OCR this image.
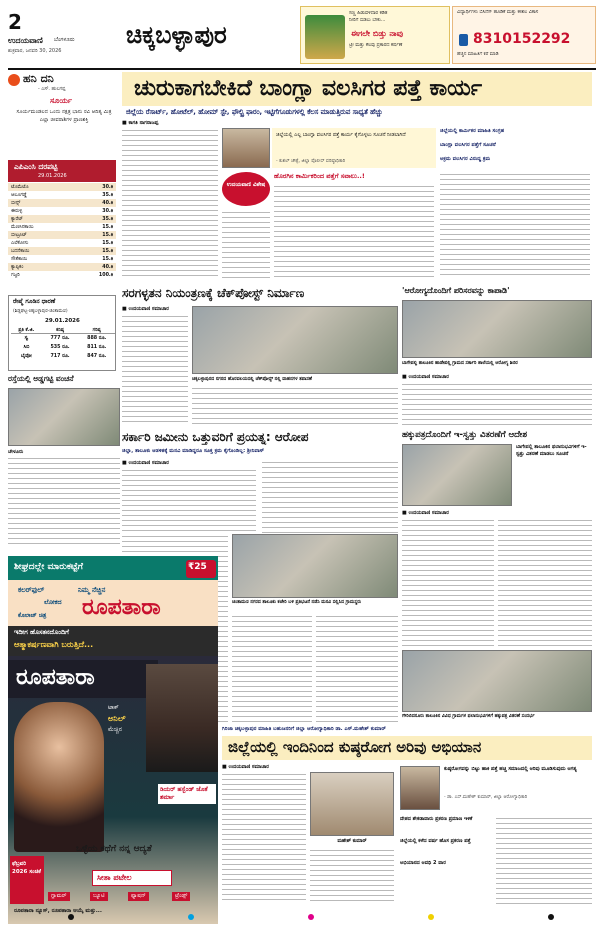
2
ಉದಯವಾಣಿ ಬೆಂಗಳೂರು
ಶುಕ್ರವಾರ, ಜನವರಿ 30, 2026
ಚಿಕ್ಕಬಳ್ಳಾಪುರ
ಸಣ್ಣ ಹಿಡುವಳಿದಾರ ಕಡಿತ
ನೀರಿಗೆ ಬಿಡಲು ಬೇಕು...
ಈಗಲೇ ಬಿಡ್ತು ನಾವು
ಟ್ರೀ ಮತ್ತು ಕೆಲವು ಪ್ರಕಾರದ ಕರ್ಷಣೆ
ವಿದ್ಯಾರ್ಥಿಗಳು ಬಿಸಿನೆಸ್ ಹೂಡಿಕೆ ಮತ್ತು ಕೌಶಲ ವಿಕಾಸ
8310152292
ಹೆಚ್ಚಿನ ಮಾಹಿತಿಗೆ ಕರೆ ಮಾಡಿ
ಹನಿ ದನಿ
- ಎಸ್. ಹುಲಗಪ್ಪ
ಸೂರ್ಯ
ಸೂರ್ಯಮಂಡಲದ ಒಂದು ನಕ್ಷತ್ರ ಭಾನು ರವಿ ಆದಿತ್ಯ ಮಿತ್ರ ಎಲ್ಲಾ ಜೀವರಾಶಿಗಳ ಪ್ರಾಣಶಕ್ತಿ
ಎಪಿಎಂಸಿ ದರಪಟ್ಟಿ
29.01.2026
ಟೊಮೆಟೊ	30.ಕಿ
ಆಲೂಗಡ್ಡೆ	35.ಕಿ
ಬೀನ್ಸ್	40.ಕಿ
ಈರುಳ್ಳಿ	30.ಕಿ
ಕ್ಯಾರೆಟ್	35.ಕಿ
ಮೆಣಸಿನಕಾಯಿ	15.ಕಿ
ಬೀಟ್ರೂಟ್	15.ಕಿ
ಎಲೆಕೋಸು	15.ಕಿ
ಬದನೆಕಾಯಿ	15.ಕಿ
ಸೌತೆಕಾಯಿ	15.ಕಿ
ಕ್ಯಾಪ್ಸಿಕಂ	40.ಕಿ
ಗಜ್ಜರಿ	100.ಕಿ
ರೇಷ್ಮೆ ಗೂಡಿನ ಧಾರಣೆ
(ಶಿಡ್ಲಘಟ್ಟ-ಚಿಕ್ಕಬಳ್ಳಾಪುರ-ಚಿಂತಾಮಣಿ)
29.01.2026
ಪ್ರತಿ ಕೆ.ಜಿ.	ಕನಿಷ್ಠ	ಗರಿಷ್ಠ
ಸ್ವ	777 ರೂ.	888 ರೂ.
ಸಿಬಿ	535 ರೂ.	811 ರೂ.
ಬೈವೋ	717 ರೂ.	847 ರೂ.
ರಸ್ತೆಯಲ್ಲಿ ಅಡ್ಡಗಟ್ಟಿ ವಂಚನೆ
ಚೇಳೂರು
ಚುರುಕಾಗಬೇಕಿದೆ ಬಾಂಗ್ಲಾ ವಲಸಿಗರ ಪತ್ತೆ ಕಾರ್ಯ
ಜಿಲ್ಲೆಯ ರೆಸಾರ್ಟ್, ಹೋಟೆಲ್, ಹೋಮ್ ಸ್ಟೇ, ಫೌಲ್ಟ್ರಿ ಫಾರಂ, ಇಟ್ಟಿಗೆಗೂಡುಗಳಲ್ಲಿ ಕೆಲಸ ಮಾಡುತ್ತಿರುವ ಸಾಧ್ಯತೆ ಹೆಚ್ಚು
■ ಕಾಗತಿ ನಾಗರಾಜಪ್ಪ
ಜಿಲ್ಲೆಯಲ್ಲಿ ಎಲ್ಲ ಬಾಂಗ್ಲಾ ವಲಸಿಗರ ಪತ್ತೆ ಕಾರ್ಯ ಕೈಗೊಳ್ಳಲು ಸೂಚನೆ ನೀಡಲಾಗಿದೆ
- ಕುಶಲ್ ಚೌಕ್ಸೆ, ಜಿಲ್ಲಾ ಪೊಲೀಸ್ ವರಿಷ್ಠಾಧಿಕಾರಿ
ಉದಯವಾಣಿ ವಿಶೇಷ
ಹೊರಗಿನ ಕಾರ್ಮಿಕರಿಂದ ಪತ್ತೆಗೆ ಸವಾಲು..!
ಜಿಲ್ಲೆಯಲ್ಲಿ ಕಾರ್ಮಿಕರ ಮಾಹಿತಿ ಸಂಗ್ರಹ
ಬಾಂಗ್ಲಾ ವಲಸಿಗರ ಪತ್ತೆಗೆ ಸೂಚನೆ
ಅಕ್ರಮ ವಲಸಿಗರ ವಿರುದ್ಧ ಕ್ರಮ
ಸರಗಳ್ಳತನ ನಿಯಂತ್ರಣಕ್ಕೆ ಚೆಕ್‌ಪೋಸ್ಟ್ ನಿರ್ಮಾಣ
■ ಉದಯವಾಣಿ ಸಮಾಚಾರ
ಚಿಕ್ಕಬಳ್ಳಾಪುರದ ನಗರದ ಹೊರವಲಯದಲ್ಲಿ ಚೆಕ್‌ಪೋಸ್ಟ್ ನಲ್ಲಿ ವಾಹನಗಳ ತಪಾಸಣೆ
'ಆರೋಗ್ಯದೊಂದಿಗೆ ಪರಿಸರವನ್ನು ಕಾಪಾಡಿ'
ಬಾಗೇಪಲ್ಲಿ ತಾಲೂಕಿನ ಹಾಡೇಪಲ್ಲಿ ಗ್ರಾಮದ ಸರ್ಕಾರಿ ಶಾಲೆಯಲ್ಲಿ ಆರೋಗ್ಯ ಶಿಬಿರ
■ ಉದಯವಾಣಿ ಸಮಾಚಾರ
ಸರ್ಕಾರಿ ಜಮೀನು ಒತ್ತುವರಿಗೆ ಪ್ರಯತ್ನ: ಆರೋಪ
ಜಿಲ್ಲಾ, ತಾಲೂಕು ಆಡಳಿತಕ್ಕೆ ಮನವಿ ಮಾಡಿದ್ದರೂ ಸೂಕ್ತ ಕ್ರಮ ಕೈಗೊಂಡಿಲ್ಲ: ಶ್ರೀನಿವಾಸ್
■ ಉದಯವಾಣಿ ಸಮಾಚಾರ
ಹಕ್ಕುಪತ್ರದೊಂದಿಗೆ ಇ-ಸ್ವತ್ತು ವಿತರಣೆಗೆ ಆದೇಶ
ಬಾಗೇಪಲ್ಲಿ ತಾಲೂಕಿನ ಫಲಾನುಭವಿಗಳಿಗೆ ಇ-ಸ್ವತ್ತು ವಿತರಣೆ ಮಾಡಲು ಸೂಚನೆ
■ ಉದಯವಾಣಿ ಸಮಾಚಾರ
ಗೌರಿಬಿದನೂರು ತಾಲೂಕಿನ ವಿವಿಧ ಗ್ರಾಮಗಳ ಫಲಾನುಭವಿಗಳಿಗೆ ಹಕ್ಕುಪತ್ರ ವಿತರಣೆ ಸಂದರ್ಭ
ಚಿಂತಾಮಣಿ ನಗರದ ತಾಲೂಕು ಕಚೇರಿ ಬಳಿ ಪ್ರತಿಭಟನೆ ನಡೆಸಿ ಮನವಿ ಸಲ್ಲಿಸಿದ ಗ್ರಾಮಸ್ಥರು
ಶೀಘ್ರದಲ್ಲೇ ಮಾರುಕಟ್ಟೆಗೆ	₹25
ಕಲರ್‌ಫುಲ್	ನಿಮ್ಮ ನೆಚ್ಚಿನ
ಲೋಕದ
ಕೊಲಾಜ್ ಚಿತ್ರ ರೂಪತಾರಾ
ಇದೀಗ ಹೊಸತನದೊಂದಿಗೆ
ಆತ್ಮಾಕರ್ಷಣವಾಗಿ ಬರುತ್ತಿದೆ...
ರೂಪತಾರಾ
ಟಾಕ್
ಅನಿಲ್
ಮೆಚ್ಚಿನ
ಡಿಯರ್ ಹಸ್ಬೆಂಡ್ ಜೊತೆ ಶರ್ಮಾ
ಒಳ್ಳೆಯ ಕಥೆಗೆ ನನ್ನ ಆದ್ಯತೆ
ಸೀತಾ ಪಟೇಲ
ಫೆಬ್ರವರಿ 2026 ಸಂಚಿಕೆ
ಗ್ಲಾಮರ್	ಬ್ಯೂಟಿ	ಫ್ಯಾಷನ್	ಟ್ರೆಂಡ್ಸ್
ರೂಪತಾರಾ ನ್ಯೂಸ್, ರೂಪತಾರಾ ಆಯ್ಕೆ ಮತ್ತು...
ಗಿರಿಜಾ ಚಿಕ್ಕಬಳ್ಳಾಪುರ ಮಾಹಿತಿ ಬಹುಜನರಿಗೆ ಜಿಲ್ಲಾ ಆರೋಗ್ಯಾಧಿಕಾರಿ ಡಾ. ಎಸ್.ಮಹೇಶ್ ಕುಮಾರ್
ಜಿಲ್ಲೆಯಲ್ಲಿ ಇಂದಿನಿಂದ ಕುಷ್ಠರೋಗ ಅರಿವು ಅಭಿಯಾನ
■ ಉದಯವಾಣಿ ಸಮಾಚಾರ
ಮಹೇಶ್ ಕುಮಾರ್
ಕುಷ್ಠರೋಗವನ್ನು ಬಿಟ್ಟು ಹಾಕಿ ಪತ್ತೆ ಹಚ್ಚಿ ಸಮಾಜದಲ್ಲಿ ಅರಿವು ಮೂಡಿಸುವುದು ಅಗತ್ಯ
- ಡಾ. ಎಸ್.ಮಹೇಶ್ ಕುಮಾರ್, ಜಿಲ್ಲಾ ಆರೋಗ್ಯಾಧಿಕಾರಿ
ದೇಶದ ಶೇಕಡಾವಾರು ಪ್ರಕರಣ ಪ್ರಮಾಣ ಇಳಿಕೆ
ಜಿಲ್ಲೆಯಲ್ಲಿ ಕಳೆದ ವರ್ಷ ಹೊಸ ಪ್ರಕರಣ ಪತ್ತೆ
ಅಭಿಯಾನದ ಅವಧಿ 2 ವಾರ
